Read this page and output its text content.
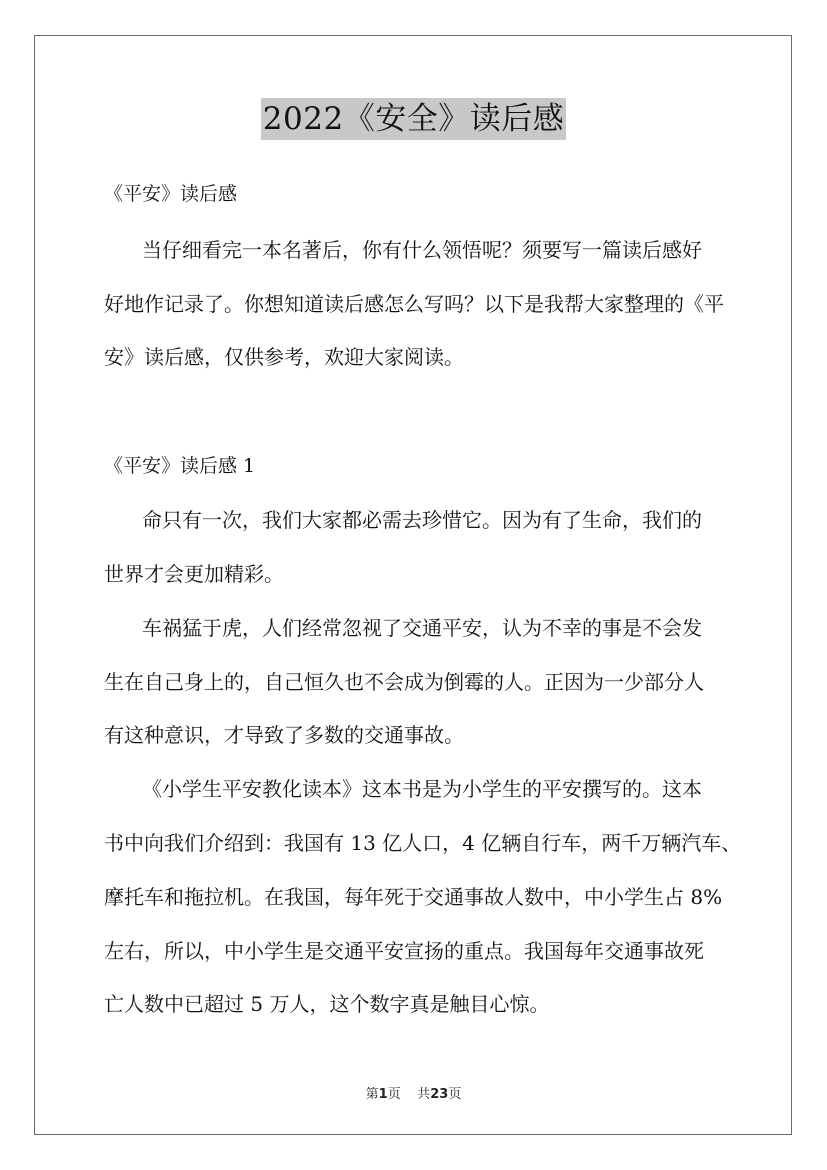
2022《安全》读后感

《平安》读后感

当仔细看完一本名著后，你有什么领悟呢？须要写一篇读后感好

好地作记录了。你想知道读后感怎么写吗？以下是我帮大家整理的《平

安》读后感，仅供参考，欢迎大家阅读。

《平安》读后感 1

命只有一次，我们大家都必需去珍惜它。因为有了生命，我们的

世界才会更加精彩。

车祸猛于虎，人们经常忽视了交通平安，认为不幸的事是不会发

生在自己身上的，自己恒久也不会成为倒霉的人。正因为一少部分人

有这种意识，才导致了多数的交通事故。

《小学生平安教化读本》这本书是为小学生的平安撰写的。这本

书中向我们介绍到：我国有 13 亿人口，4 亿辆自行车，两千万辆汽车、

摩托车和拖拉机。在我国，每年死于交通事故人数中，中小学生占 8%

左右，所以，中小学生是交通平安宣扬的重点。我国每年交通事故死

亡人数中已超过 5 万人，这个数字真是触目心惊。

第1页 共23页
